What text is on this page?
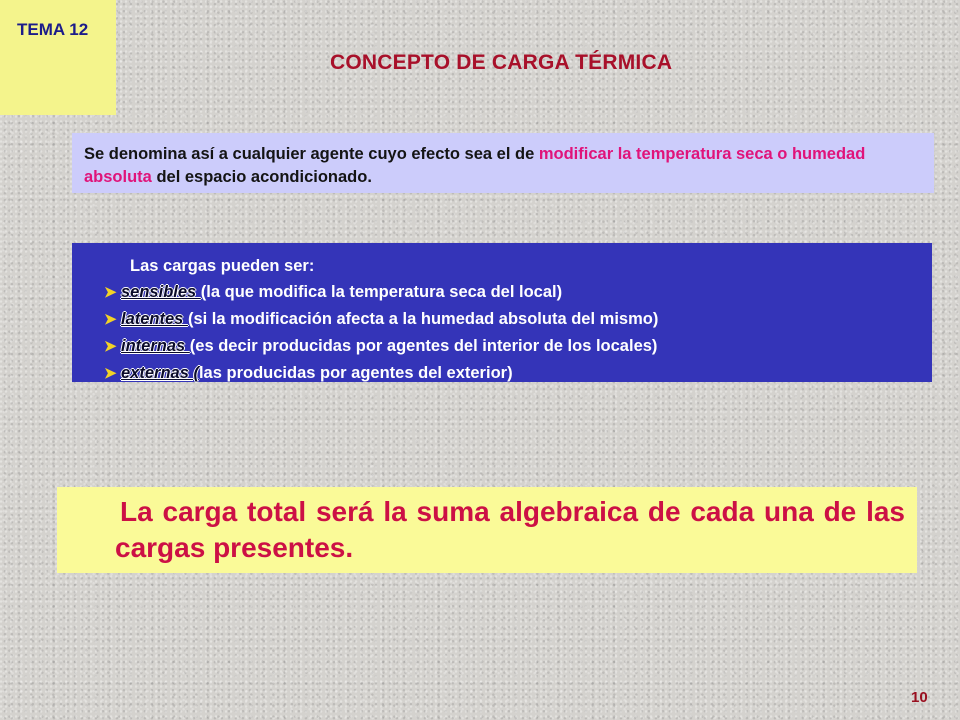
TEMA 12
CONCEPTO DE CARGA TÉRMICA
Se denomina así a cualquier agente cuyo efecto sea el de modificar la temperatura seca o humedad absoluta del espacio acondicionado.
Las cargas pueden ser:
➤ sensibles (la que modifica la temperatura seca del local)
➤ latentes (si la modificación afecta a la humedad absoluta del mismo)
➤ internas (es decir producidas por agentes del interior de los locales)
➤ externas (las producidas por agentes del exterior)
La carga total será la suma algebraica de cada una de las cargas presentes.
10
